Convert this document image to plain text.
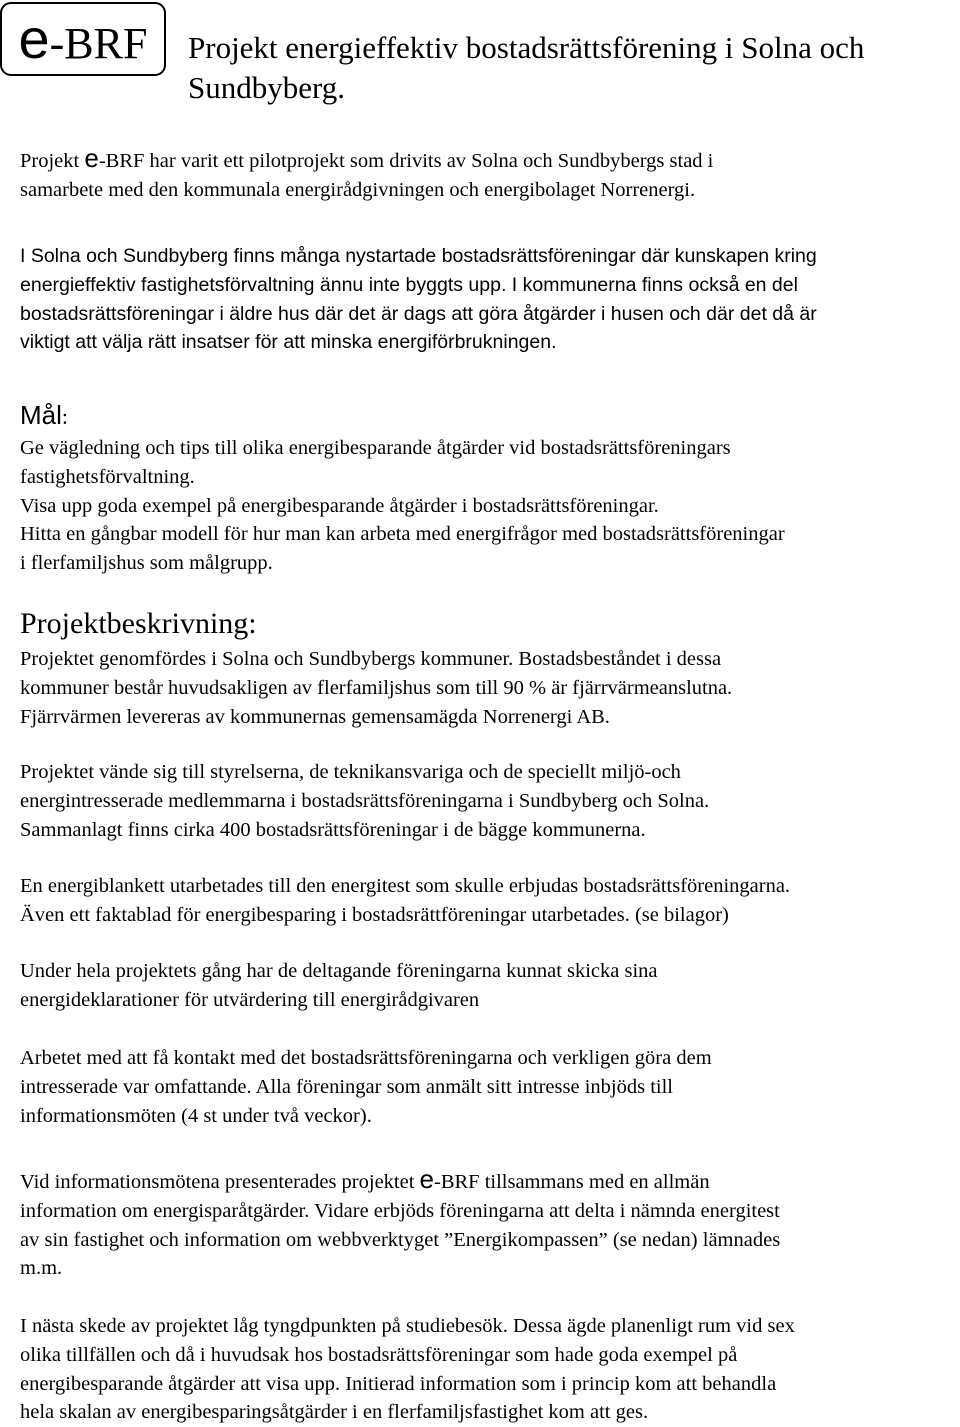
e-BRF Projekt energieffektiv bostadsrättsförening i Solna och Sundbyberg.

Projekt e-BRF har varit ett pilotprojekt som drivits av Solna och Sundbybergs stad i
samarbete med den kommunala energirådgivningen och energibolaget Norrenergi.

I Solna och Sundbyberg finns många nystartade bostadsrättsföreningar där kunskapen kring
energieffektiv fastighetsförvaltning ännu inte byggts upp. I kommunerna finns också en del
bostadsrättsföreningar i äldre hus där det är dags att göra åtgärder i husen och där det då är
viktigt att välja rätt insatser för att minska energiförbrukningen.

Mål:

Ge vägledning och tips till olika energibesparande åtgärder vid bostadsrättsföreningars
fastighetsförvaltning.
Visa upp goda exempel på energibesparande åtgärder i bostadsrättsföreningar.
Hitta en gångbar modell för hur man kan arbeta med energifrågor med bostadsrättsföreningar
i flerfamiljshus som målgrupp.

Projektbeskrivning:

Projektet genomfördes i Solna och Sundbybergs kommuner. Bostadsbeståndet i dessa
kommuner består huvudsakligen av flerfamiljshus som till 90 % är fjärrvärmeanslutna.
Fjärrvärmen levereras av kommunernas gemensamägda Norrenergi AB.

Projektet vände sig till styrelserna, de teknikansvariga och de speciellt miljö-och
energintresserade medlemmarna i bostadsrättsföreningarna i Sundbyberg och Solna.
Sammanlagt finns cirka 400 bostadsrättsföreningar i de bägge kommunerna.

En energiblankett utarbetades till den energitest som skulle erbjudas bostadsrättsföreningarna.
Även ett faktablad för energibesparing i bostadsrättföreningar utarbetades. (se bilagor)

Under hela projektets gång har de deltagande föreningarna kunnat skicka sina
energideklarationer för utvärdering till energirådgivaren

Arbetet med att få kontakt med det bostadsrättsföreningarna och verkligen göra dem
intresserade var omfattande. Alla föreningar som anmält sitt intresse inbjöds till
informationsmöten (4 st under två veckor).

Vid informationsmötena presenterades projektet e-BRF tillsammans med en allmän
information om energisparåtgärder. Vidare erbjöds föreningarna att delta i nämnda energitest
av sin fastighet och information om webbverktyget ”Energikompassen” (se nedan) lämnades
m.m.

I nästa skede av projektet låg tyngdpunkten på studiebesök. Dessa ägde planenligt rum vid sex
olika tillfällen och då i huvudsak hos bostadsrättsföreningar som hade goda exempel på
energibesparande åtgärder att visa upp. Initierad information som i princip kom att behandla
hela skalan av energibesparingsåtgärder i en flerfamiljsfastighet kom att ges.
